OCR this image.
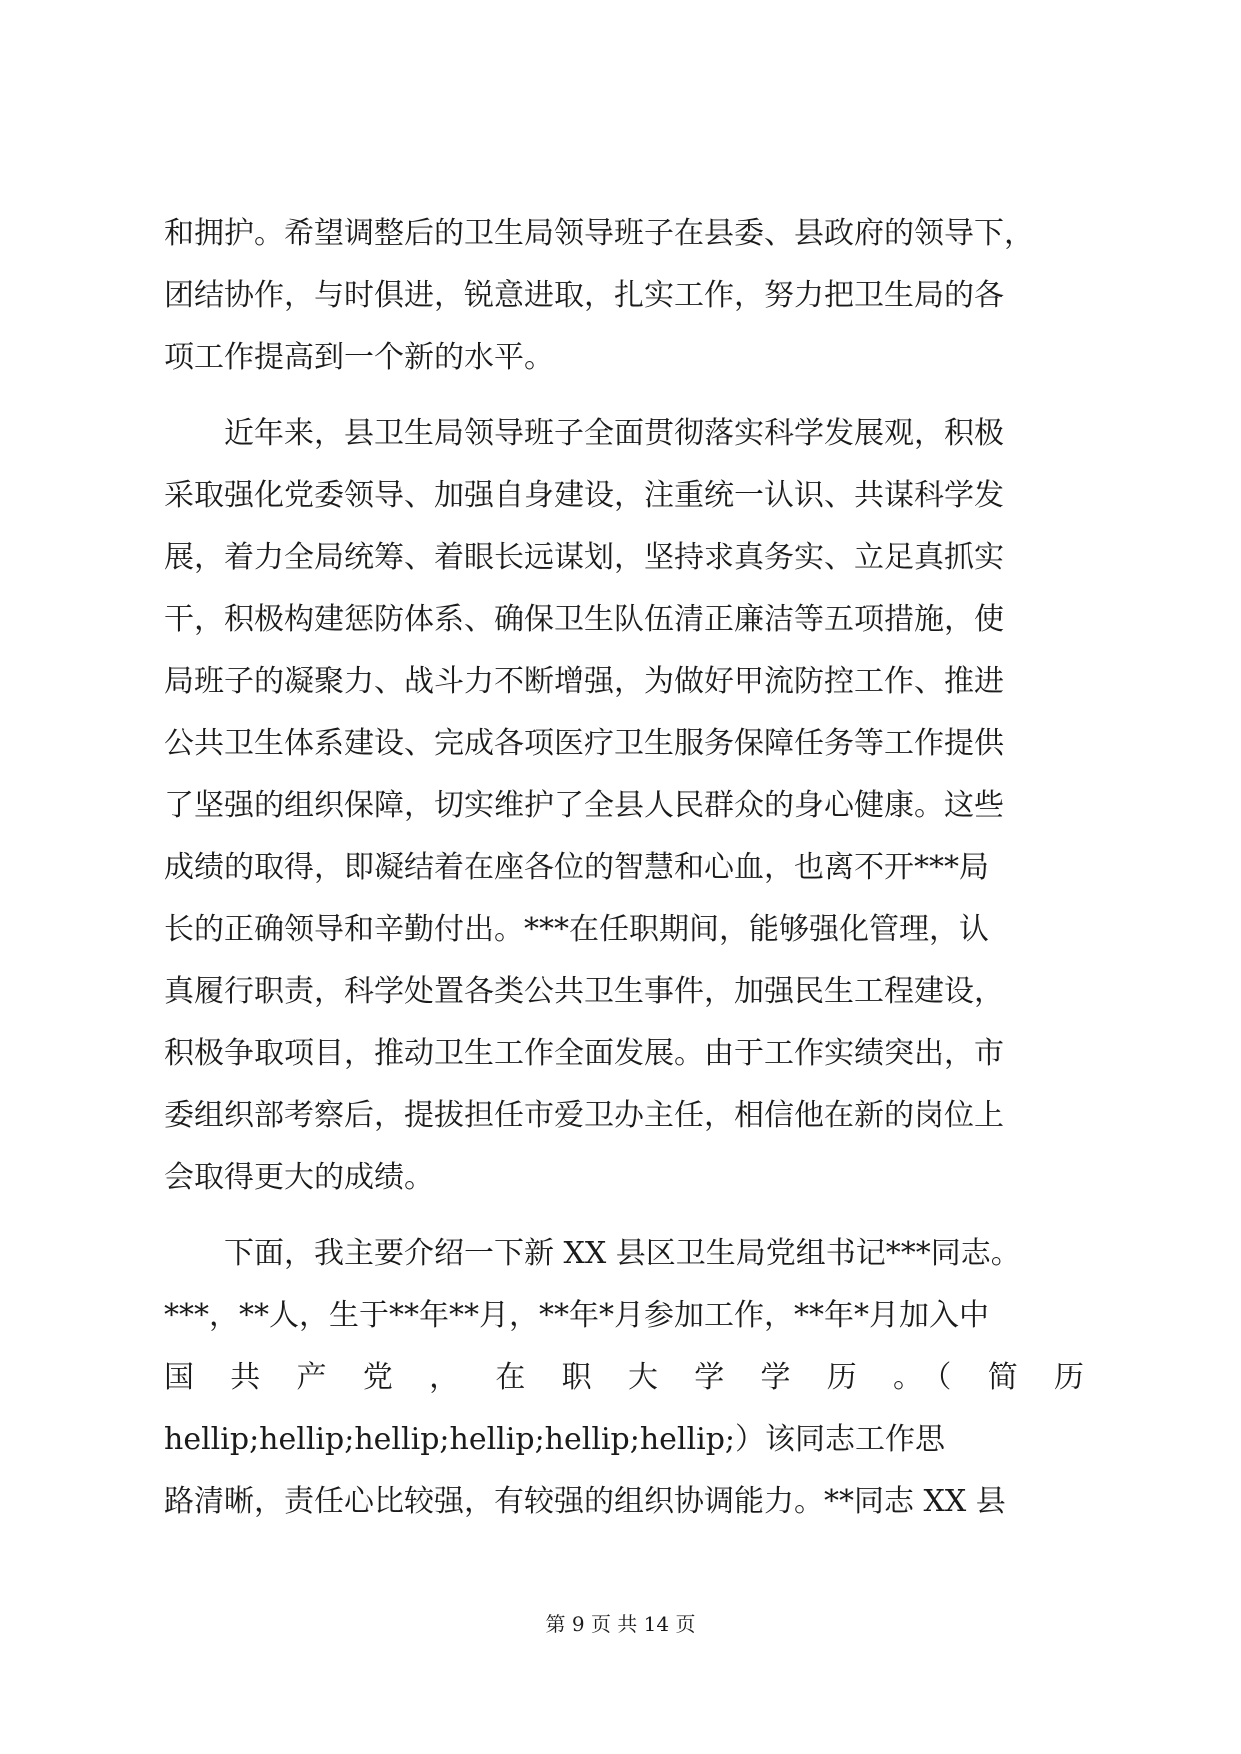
和拥护。希望调整后的卫生局领导班子在县委、县政府的领导下，
团结协作，与时俱进，锐意进取，扎实工作，努力把卫生局的各
项工作提高到一个新的水平。
　　近年来，县卫生局领导班子全面贯彻落实科学发展观，积极
采取强化党委领导、加强自身建设，注重统一认识、共谋科学发
展，着力全局统筹、着眼长远谋划，坚持求真务实、立足真抓实
干，积极构建惩防体系、确保卫生队伍清正廉洁等五项措施，使
局班子的凝聚力、战斗力不断增强，为做好甲流防控工作、推进
公共卫生体系建设、完成各项医疗卫生服务保障任务等工作提供
了坚强的组织保障，切实维护了全县人民群众的身心健康。这些
成绩的取得，即凝结着在座各位的智慧和心血，也离不开***局
长的正确领导和辛勤付出。***在任职期间，能够强化管理，认
真履行职责，科学处置各类公共卫生事件，加强民生工程建设，
积极争取项目，推动卫生工作全面发展。由于工作实绩突出，市
委组织部考察后，提拔担任市爱卫办主任，相信他在新的岗位上
会取得更大的成绩。
　　下面，我主要介绍一下新 XX 县区卫生局党组书记***同志。
***，**人，生于**年**月，**年*月参加工作，**年*月加入中
国 共 产 党 ， 在 职 大 学 学 历 。（ 简 历
hellip;hellip;hellip;hellip;hellip;hellip;）该同志工作思
路清晰，责任心比较强，有较强的组织协调能力。**同志 XX 县
第 9 页 共 14 页
